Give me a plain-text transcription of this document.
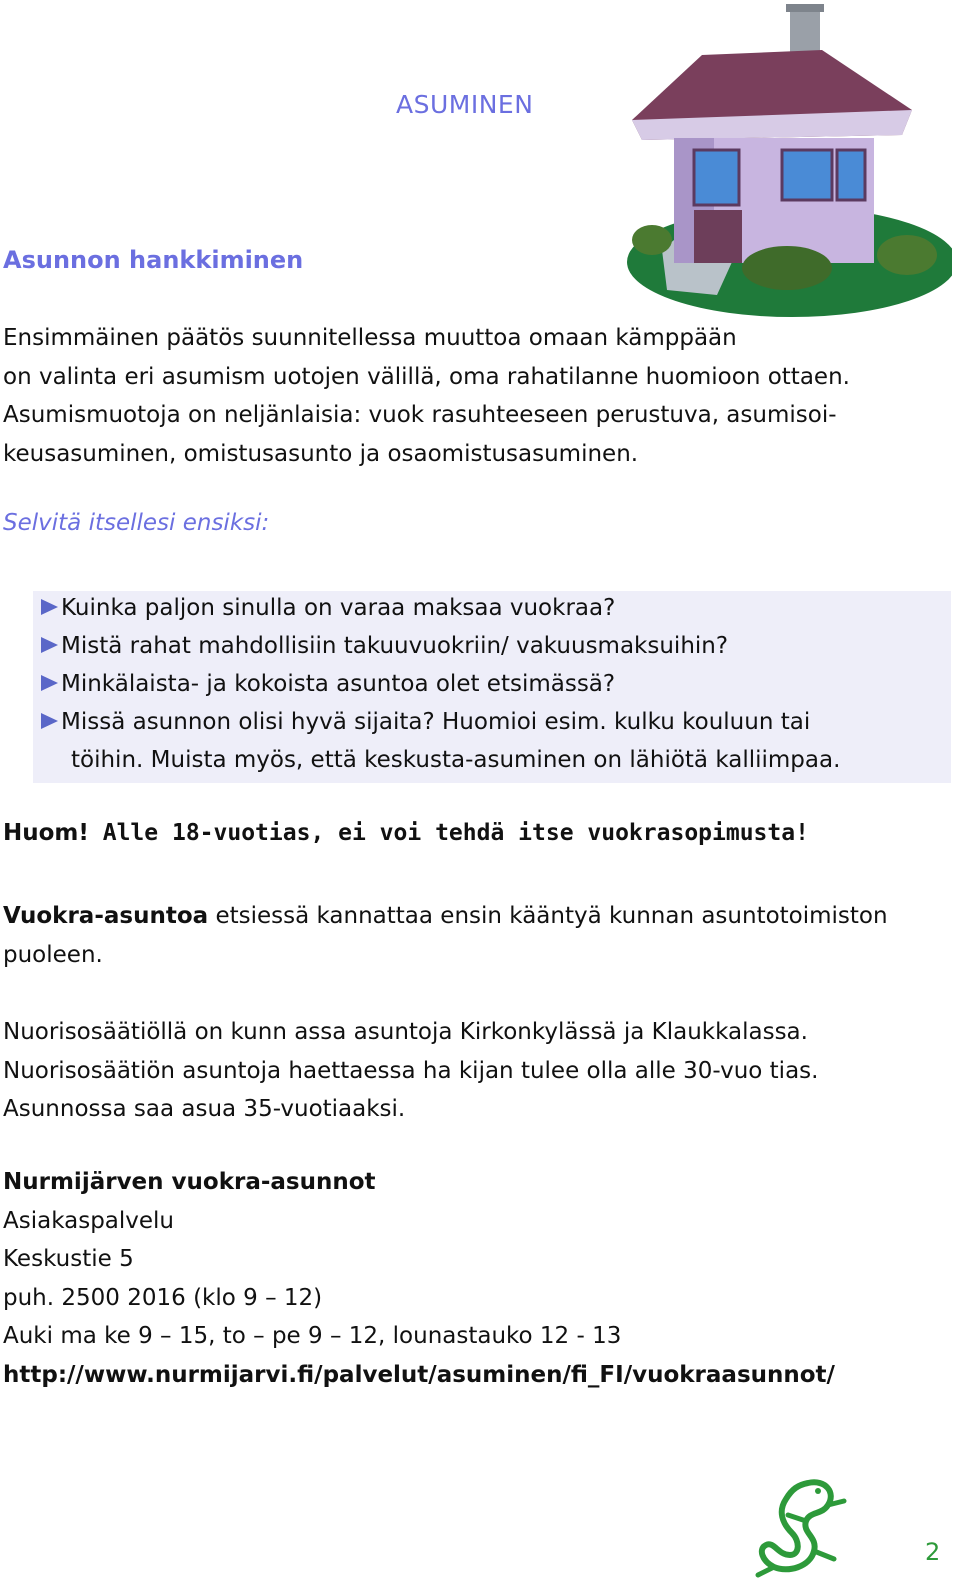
ASUMINEN
Asunnon hankkiminen
Ensimmäinen päätös suunnitellessa muuttoa omaan kämppään
on valinta eri asumism uotojen välillä, oma rahatilanne huomioon ottaen.
Asumismuotoja on neljänlaisia: vuok rasuhteeseen perustuva, asumisoi-
keusasuminen, omistusasunto ja osaomistusasuminen.
Selvitä itsellesi ensiksi:
Kuinka paljon sinulla on varaa maksaa vuokraa?
Mistä rahat mahdollisiin takuuvuokriin/ vakuusmaksuihin?
Minkälaista- ja kokoista asuntoa olet etsimässä?
Missä asunnon olisi hyvä sijaita? Huomioi esim. kulku kouluun tai
töihin. Muista myös, että keskusta-asuminen on lähiötä kalliimpaa.
Huom! Alle 18-vuotias, ei voi tehdä itse vuokrasopimusta!
Vuokra-asuntoa etsiessä kannattaa ensin kääntyä kunnan asuntotoimiston
puoleen.
Nuorisosäätiöllä on kunn assa asuntoja Kirkonkylässä ja Klaukkalassa.
Nuorisosäätiön asuntoja haettaessa ha kijan tulee olla alle 30-vuo tias.
Asunnossa saa asua 35-vuotiaaksi.
Nurmijärven vuokra-asunnot
Asiakaspalvelu
Keskustie 5
puh. 2500 2016 (klo 9 – 12)
Auki ma ke 9 – 15, to – pe 9 – 12, lounastauko 12 - 13
http://www.nurmijarvi.fi/palvelut/asuminen/fi_FI/vuokraasunnot/
2
